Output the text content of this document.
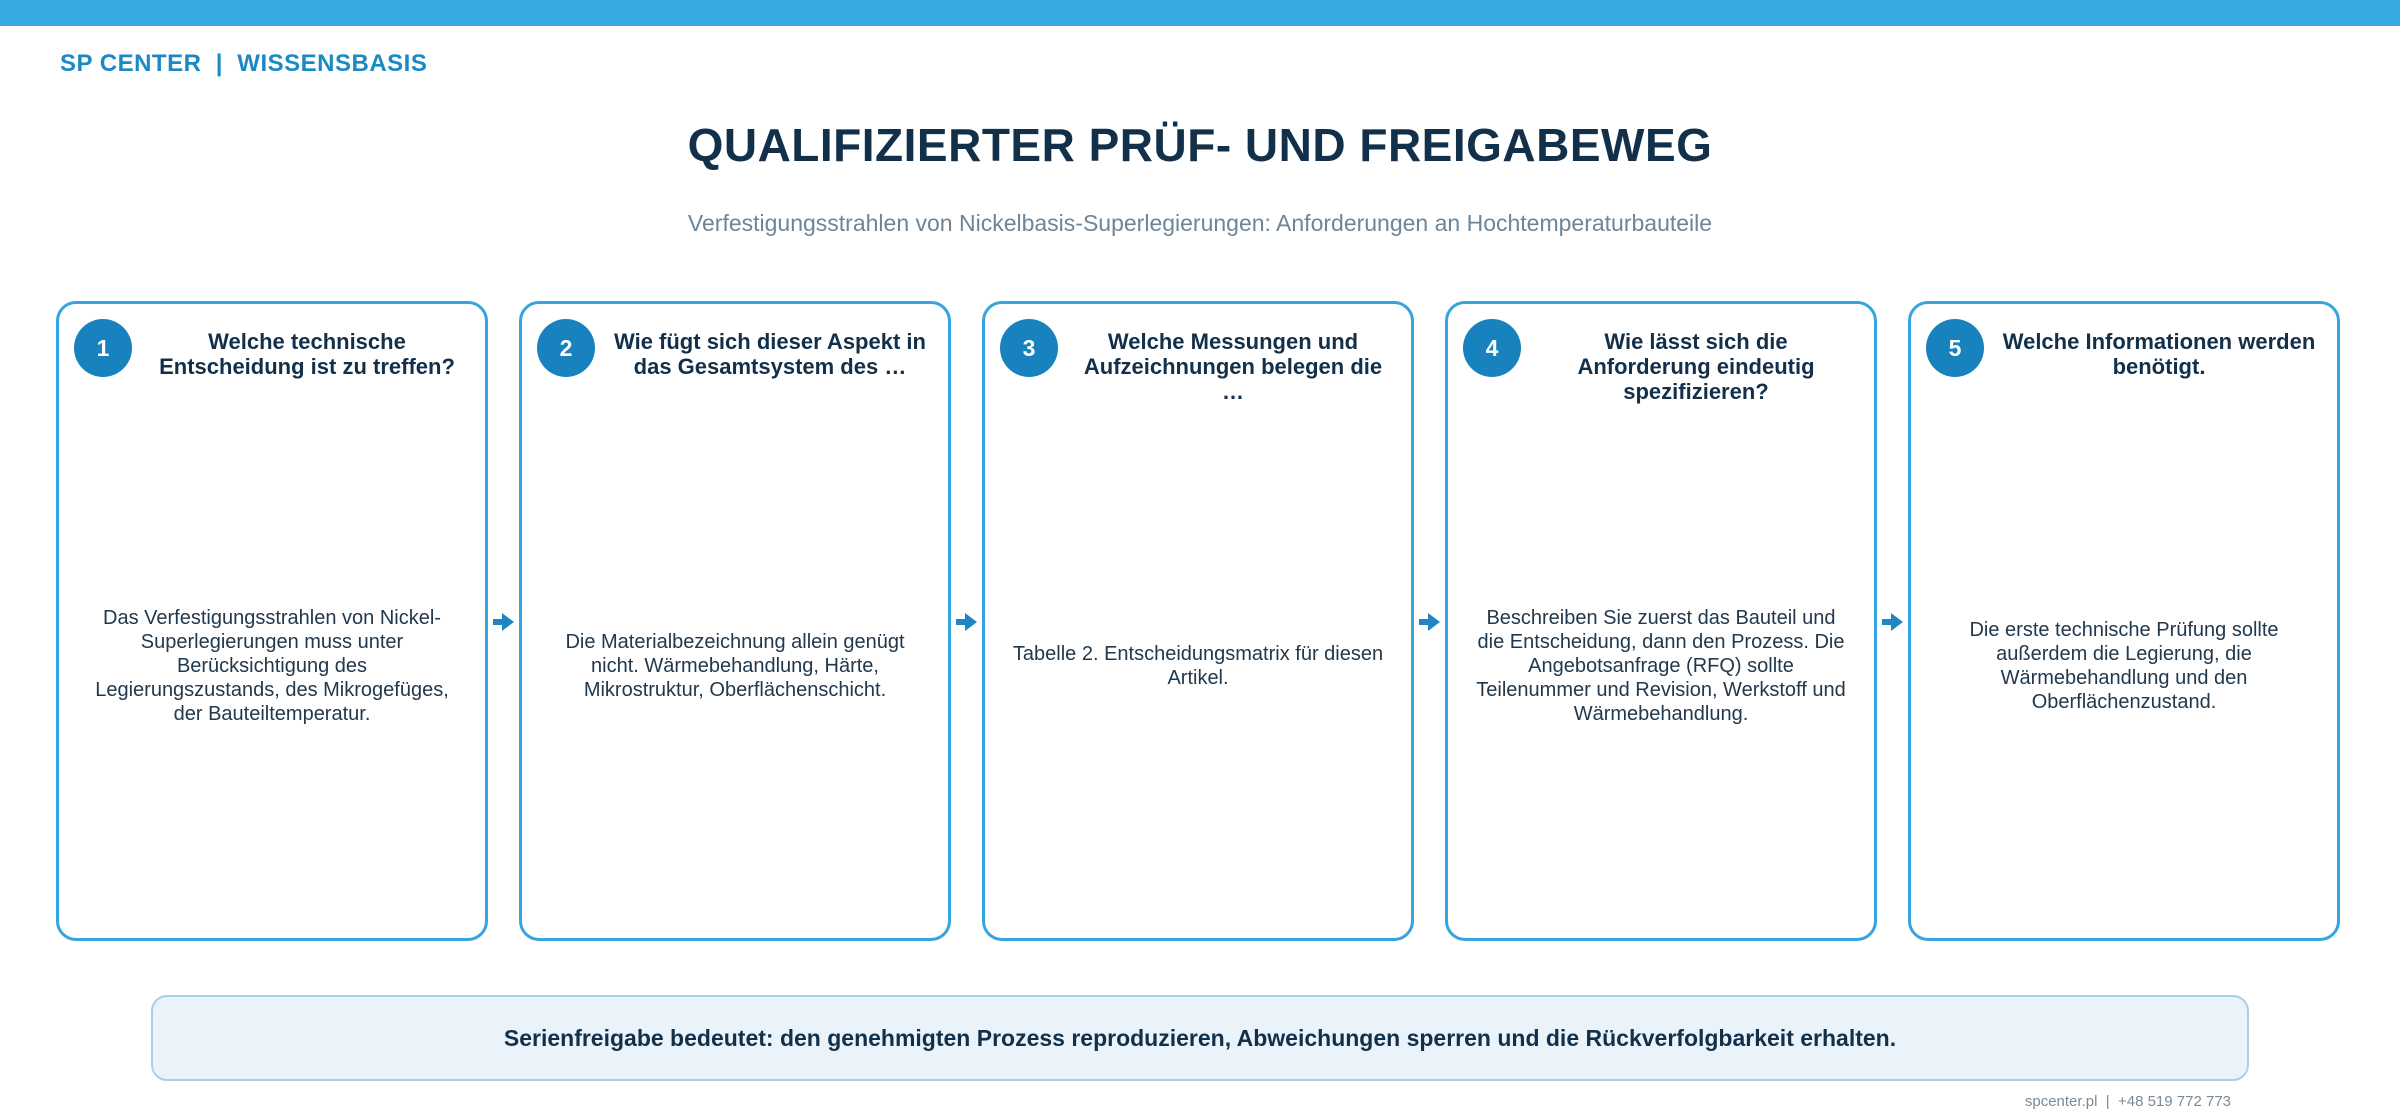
SP CENTER  |  WISSENSBASIS
QUALIFIZIERTER PRÜF- UND FREIGABEWEG
Verfestigungsstrahlen von Nickelbasis-Superlegierungen: Anforderungen an Hochtemperaturbauteile
1	Welche technische Entscheidung ist zu treffen?
Das Verfestigungsstrahlen von Nickel-Superlegierungen muss unter Berücksichtigung des Legierungszustands, des Mikrogefüges, der Bauteiltemperatur.
2	Wie fügt sich dieser Aspekt in das Gesamtsystem des …
Die Materialbezeichnung allein genügt nicht. Wärmebehandlung, Härte, Mikrostruktur, Oberflächenschicht.
3	Welche Messungen und Aufzeichnungen belegen die …
Tabelle 2. Entscheidungsmatrix für diesen Artikel.
4	Wie lässt sich die Anforderung eindeutig spezifizieren?
Beschreiben Sie zuerst das Bauteil und die Entscheidung, dann den Prozess. Die Angebotsanfrage (RFQ) sollte Teilenummer und Revision, Werkstoff und Wärmebehandlung.
5	Welche Informationen werden benötigt.
Die erste technische Prüfung sollte außerdem die Legierung, die Wärmebehandlung und den Oberflächenzustand.
Serienfreigabe bedeutet: den genehmigten Prozess reproduzieren, Abweichungen sperren und die Rückverfolgbarkeit erhalten.
spcenter.pl  |  +48 519 772 773
